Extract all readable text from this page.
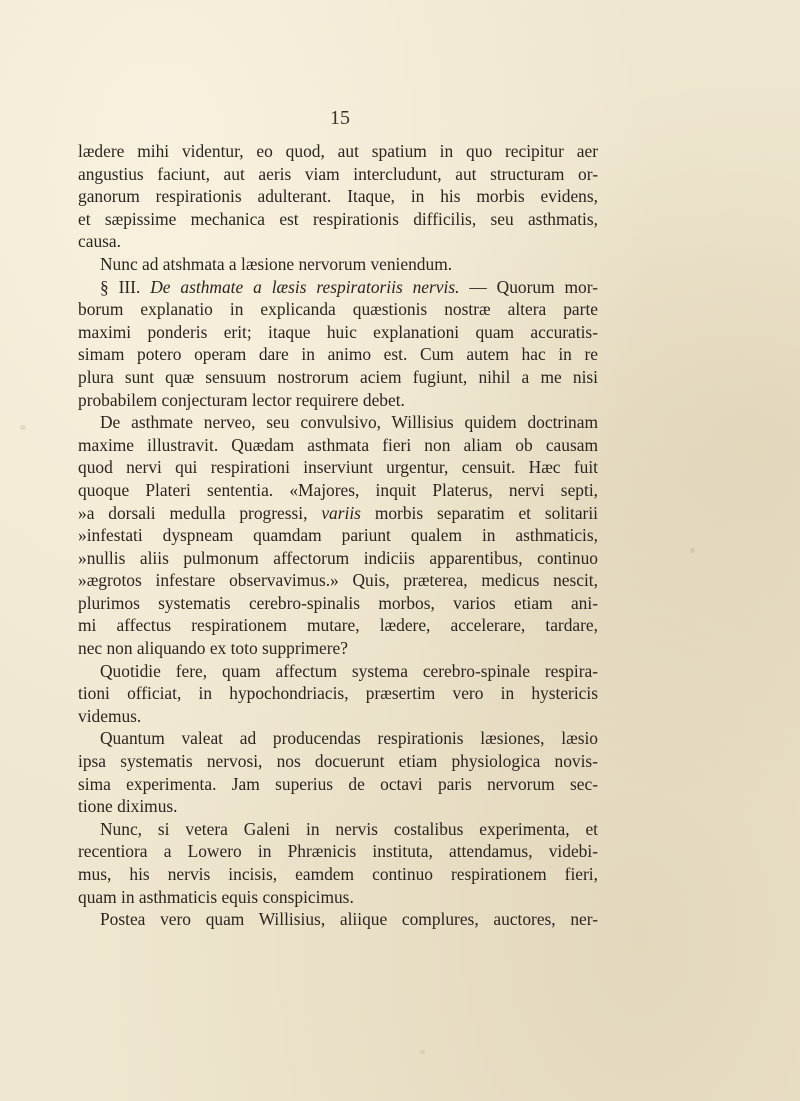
15
lædere mihi videntur, eo quod, aut spatium in quo recipitur aer
angustius faciunt, aut aeris viam intercludunt, aut structuram or-
ganorum respirationis adulterant. Itaque, in his morbis evidens,
et sæpissime mechanica est respirationis difficilis, seu asthmatis,
causa.
Nunc ad atshmata a læsione nervorum veniendum.
§ III. De asthmate a læsis respiratoriis nervis. — Quorum mor-
borum explanatio in explicanda quæstionis nostræ altera parte
maximi ponderis erit; itaque huic explanationi quam accuratis-
simam potero operam dare in animo est. Cum autem hac in re
plura sunt quæ sensuum nostrorum aciem fugiunt, nihil a me nisi
probabilem conjecturam lector requirere debet.
De asthmate nerveo, seu convulsivo, Willisius quidem doctrinam
maxime illustravit. Quædam asthmata fieri non aliam ob causam
quod nervi qui respirationi inserviunt urgentur, censuit. Hæc fuit
quoque Plateri sententia. «Majores, inquit Platerus, nervi septi,
»a dorsali medulla progressi, variis morbis separatim et solitarii
»infestati dyspneam quamdam pariunt qualem in asthmaticis,
»nullis aliis pulmonum affectorum indiciis apparentibus, continuo
»ægrotos infestare observavimus.» Quis, præterea, medicus nescit,
plurimos systematis cerebro-spinalis morbos, varios etiam ani-
mi affectus respirationem mutare, lædere, accelerare, tardare,
nec non aliquando ex toto supprimere?
Quotidie fere, quam affectum systema cerebro-spinale respira-
tioni officiat, in hypochondriacis, præsertim vero in hystericis
videmus.
Quantum valeat ad producendas respirationis læsiones, læsio
ipsa systematis nervosi, nos docuerunt etiam physiologica novis-
sima experimenta. Jam superius de octavi paris nervorum sec-
tione diximus.
Nunc, si vetera Galeni in nervis costalibus experimenta, et
recentiora a Lowero in Phrænicis instituta, attendamus, videbi-
mus, his nervis incisis, eamdem continuo respirationem fieri,
quam in asthmaticis equis conspicimus.
Postea vero quam Willisius, aliique complures, auctores, ner-
